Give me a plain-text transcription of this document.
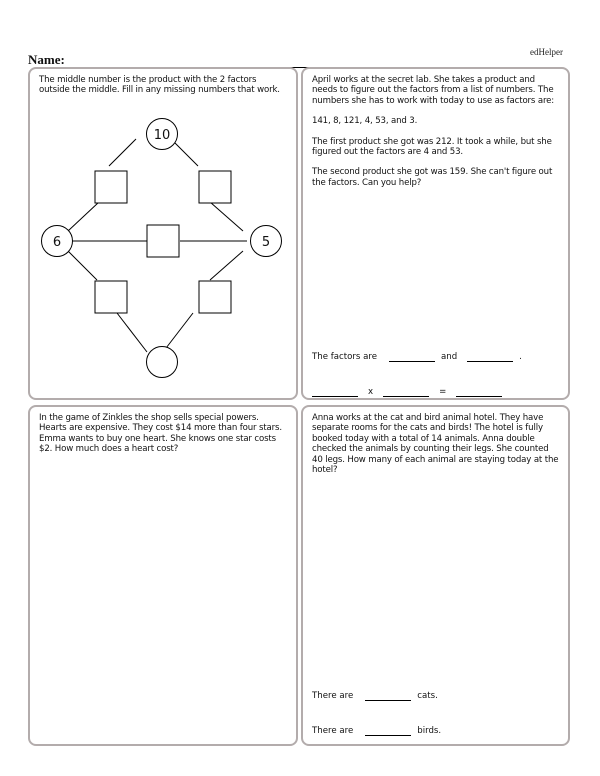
edHelper
Name:
The middle number is the product with the 2 factors outside the middle. Fill in any missing numbers that work.
10
6	5

April works at the secret lab. She takes a product and needs to figure out the factors from a list of numbers. The numbers she has to work with today to use as factors are:

141, 8, 121, 4, 53, and 3.

The first product she got was 212. It took a while, but she figured out the factors are 4 and 53.

The second product she got was 159. She can't figure out the factors. Can you help?

The factors are	and	.
x	=
In the game of Zinkles the shop sells special powers. Hearts are expensive. They cost $14 more than four stars. Emma wants to buy one heart. She knows one star costs $2. How much does a heart cost?
Anna works at the cat and bird animal hotel. They have separate rooms for the cats and birds! The hotel is fully booked today with a total of 14 animals. Anna double checked the animals by counting their legs. She counted 40 legs. How many of each animal are staying today at the hotel?
There are	cats.
There are	birds.
